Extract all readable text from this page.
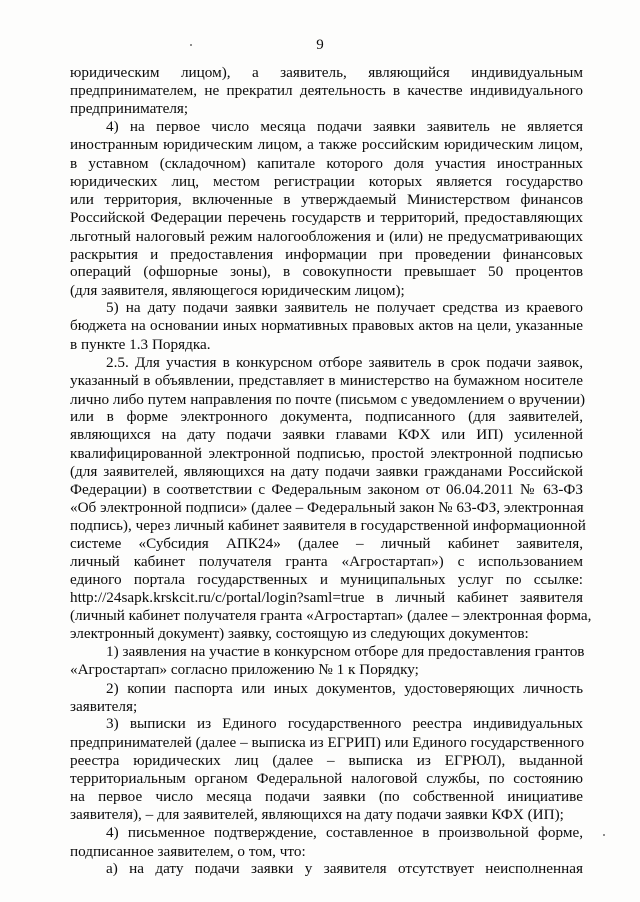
9
юридическим лицом), а заявитель, являющийся индивидуальным
предпринимателем, не прекратил деятельность в качестве индивидуального
предпринимателя;
4) на первое число месяца подачи заявки заявитель не является
иностранным юридическим лицом, а также российским юридическим лицом,
в уставном (складочном) капитале которого доля участия иностранных
юридических лиц, местом регистрации которых является государство
или территория, включенные в утверждаемый Министерством финансов
Российской Федерации перечень государств и территорий, предоставляющих
льготный налоговый режим налогообложения и (или) не предусматривающих
раскрытия и предоставления информации при проведении финансовых
операций (офшорные зоны), в совокупности превышает 50 процентов
(для заявителя, являющегося юридическим лицом);
5) на дату подачи заявки заявитель не получает средства из краевого
бюджета на основании иных нормативных правовых актов на цели, указанные
в пункте 1.3 Порядка.
2.5. Для участия в конкурсном отборе заявитель в срок подачи заявок,
указанный в объявлении, представляет в министерство на бумажном носителе
лично либо путем направления по почте (письмом с уведомлением о вручении)
или в форме электронного документа, подписанного (для заявителей,
являющихся на дату подачи заявки главами КФХ или ИП) усиленной
квалифицированной электронной подписью, простой электронной подписью
(для заявителей, являющихся на дату подачи заявки гражданами Российской
Федерации) в соответствии с Федеральным законом от 06.04.2011 № 63-ФЗ
«Об электронной подписи» (далее – Федеральный закон № 63-ФЗ, электронная
подпись), через личный кабинет заявителя в государственной информационной
системе «Субсидия АПК24» (далее – личный кабинет заявителя,
личный кабинет получателя гранта «Агростартап») с использованием
единого портала государственных и муниципальных услуг по ссылке:
http://24sapk.krskcit.ru/c/portal/login?saml=true в личный кабинет заявителя
(личный кабинет получателя гранта «Агростартап» (далее – электронная форма,
электронный документ) заявку, состоящую из следующих документов:
1) заявления на участие в конкурсном отборе для предоставления грантов
«Агростартап» согласно приложению № 1 к Порядку;
2) копии паспорта или иных документов, удостоверяющих личность
заявителя;
3) выписки из Единого государственного реестра индивидуальных
предпринимателей (далее – выписка из ЕГРИП) или Единого государственного
реестра юридических лиц (далее – выписка из ЕГРЮЛ), выданной
территориальным органом Федеральной налоговой службы, по состоянию
на первое число месяца подачи заявки (по собственной инициативе
заявителя), – для заявителей, являющихся на дату подачи заявки КФХ (ИП);
4) письменное подтверждение, составленное в произвольной форме,
подписанное заявителем, о том, что:
а) на дату подачи заявки у заявителя отсутствует неисполненная
